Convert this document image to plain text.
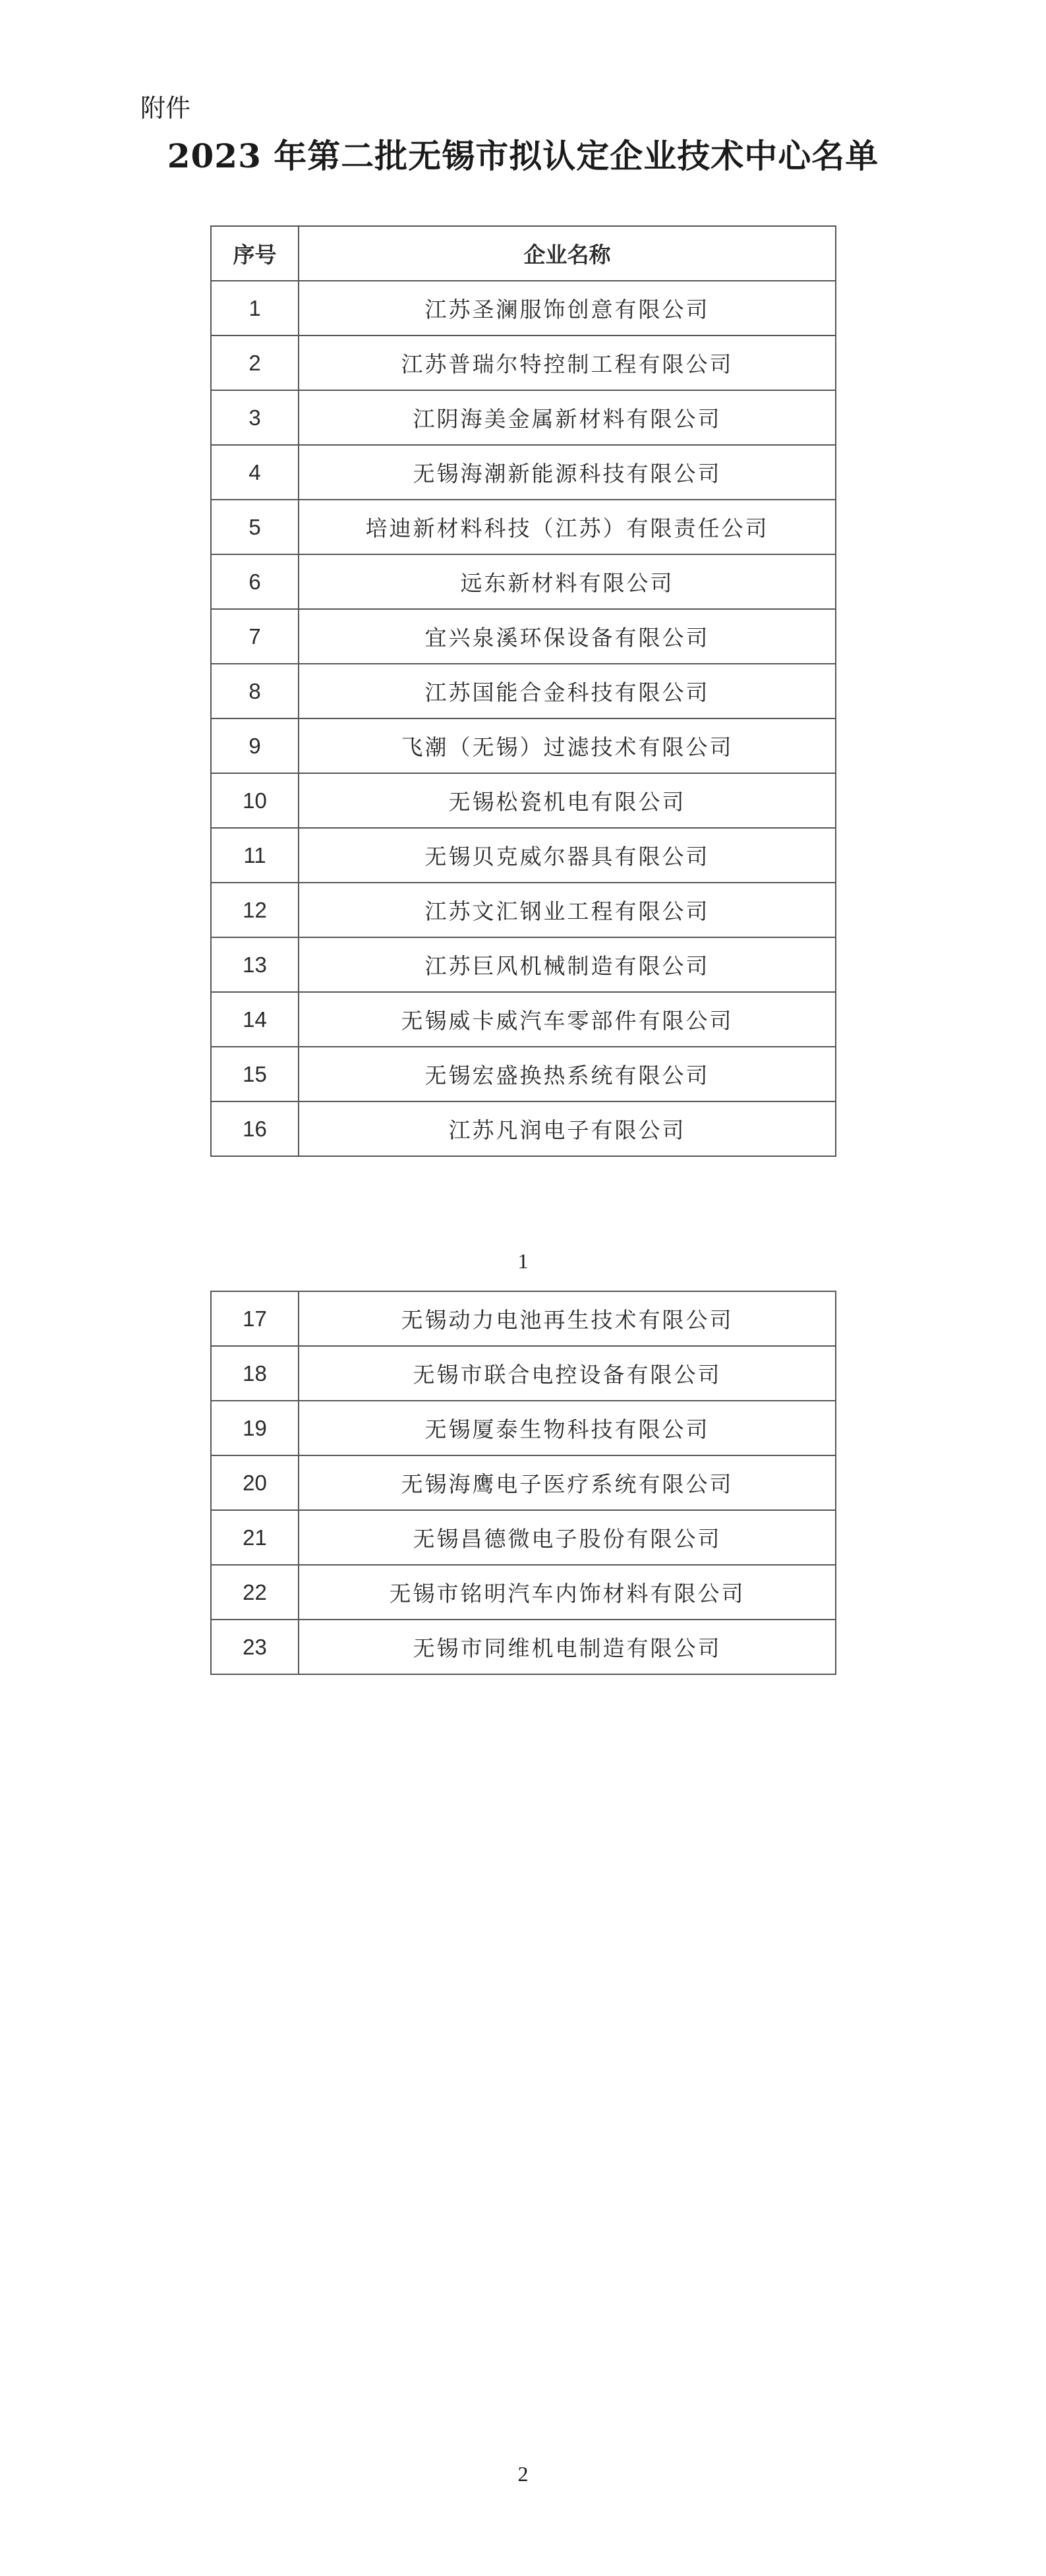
附件
2023 年第二批无锡市拟认定企业技术中心名单
序号	企业名称
1	江苏圣澜服饰创意有限公司
2	江苏普瑞尔特控制工程有限公司
3	江阴海美金属新材料有限公司
4	无锡海潮新能源科技有限公司
5	培迪新材料科技（江苏）有限责任公司
6	远东新材料有限公司
7	宜兴泉溪环保设备有限公司
8	江苏国能合金科技有限公司
9	飞潮（无锡）过滤技术有限公司
10	无锡松瓷机电有限公司
11	无锡贝克威尔器具有限公司
12	江苏文汇钢业工程有限公司
13	江苏巨风机械制造有限公司
14	无锡威卡威汽车零部件有限公司
15	无锡宏盛换热系统有限公司
16	江苏凡润电子有限公司
1
17	无锡动力电池再生技术有限公司
18	无锡市联合电控设备有限公司
19	无锡厦泰生物科技有限公司
20	无锡海鹰电子医疗系统有限公司
21	无锡昌德微电子股份有限公司
22	无锡市铭明汽车内饰材料有限公司
23	无锡市同维机电制造有限公司
2
